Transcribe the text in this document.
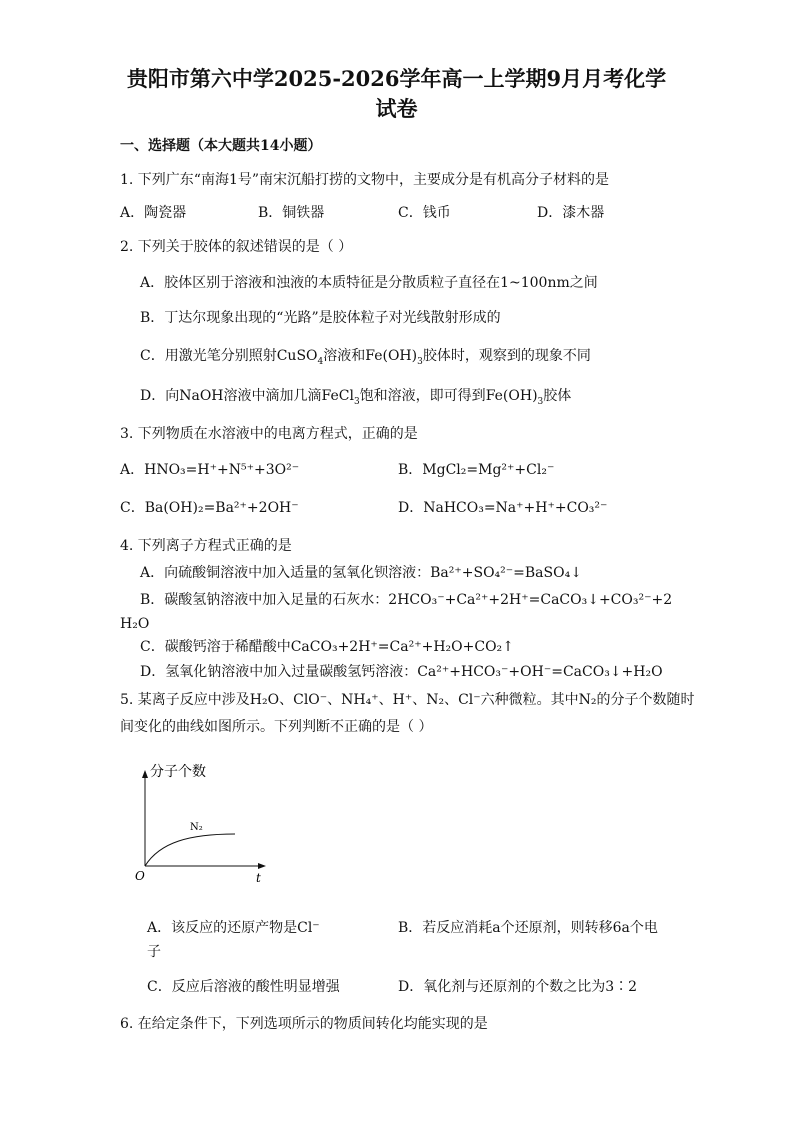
贵阳市第六中学2025-2026学年高一上学期9月月考化学
试卷
一、选择题（本大题共14小题）
1. 下列广东“南海1号”南宋沉船打捞的文物中，主要成分是有机高分子材料的是
A．陶瓷器	B．铜铁器	C．钱币	D．漆木器
2. 下列关于胶体的叙述错误的是（ ）
A．胶体区别于溶液和浊液的本质特征是分散质粒子直径在1~100nm之间
B．丁达尔现象出现的“光路”是胶体粒子对光线散射形成的
C．用激光笔分别照射CuSO$_4$溶液和$Fe(OH)_3$胶体时，观察到的现象不同
D．向NaOH溶液中滴加几滴FeCl$_3$饱和溶液，即可得到$Fe(OH)_3$胶体
3. 下列物质在水溶液中的电离方程式，正确的是
A．HNO₃=H⁺+N⁵⁺+3O²⁻	B．MgCl₂=Mg²⁺+Cl₂⁻
C．Ba(OH)₂=Ba²⁺+2OH⁻	D．NaHCO₃=Na⁺+H⁺+CO₃²⁻
4. 下列离子方程式正确的是
A．向硫酸铜溶液中加入适量的氢氧化钡溶液：Ba²⁺+SO₄²⁻=BaSO₄↓
B．碳酸氢钠溶液中加入足量的石灰水：2HCO₃⁻+Ca²⁺+2H⁺=CaCO₃↓+CO₃²⁻+2
H₂O
C．碳酸钙溶于稀醋酸中CaCO₃+2H⁺=Ca²⁺+H₂O+CO₂↑
D．氢氧化钠溶液中加入过量碳酸氢钙溶液：Ca²⁺+HCO₃⁻+OH⁻=CaCO₃↓+H₂O
5. 某离子反应中涉及H₂O、ClO⁻、NH₄⁺、H⁺、N₂、Cl⁻六种微粒。其中N₂的分子个数随时
间变化的曲线如图所示。下列判断不正确的是（ ）
分子个数
N₂
O	t
A．该反应的还原产物是Cl⁻	B．若反应消耗a个还原剂，则转移6a个电
子
C．反应后溶液的酸性明显增强	D．氧化剂与还原剂的个数之比为3∶2
6. 在给定条件下，下列选项所示的物质间转化均能实现的是
